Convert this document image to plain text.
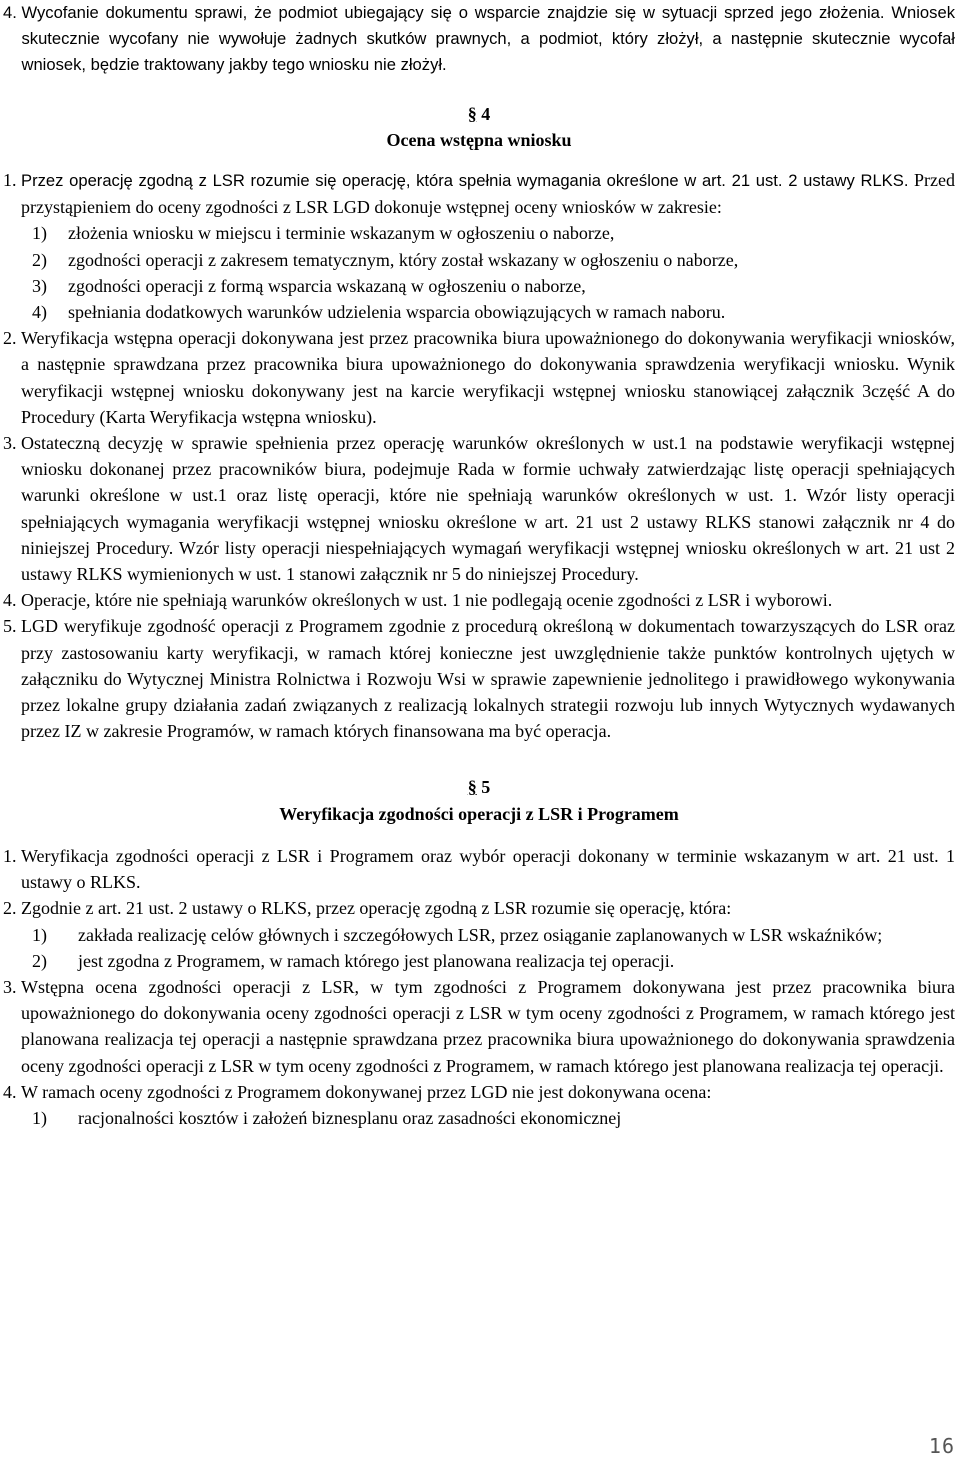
4.
Wycofanie dokumentu sprawi, że podmiot ubiegający się o wsparcie znajdzie się w sytuacji sprzed jego złożenia. Wniosek skutecznie wycofany nie wywołuje żadnych skutków prawnych, a podmiot, który złożył, a następnie skutecznie wycofał wniosek, będzie traktowany jakby tego wniosku nie złożył.
§ 4
Ocena wstępna wniosku
1.
Przez operację zgodną z LSR rozumie się operację, która spełnia wymagania określone w art. 21 ust. 2 ustawy RLKS. Przed przystąpieniem do oceny zgodności z LSR LGD dokonuje wstępnej oceny wniosków w zakresie:
1)	złożenia wniosku w miejscu i terminie wskazanym w ogłoszeniu o naborze,
2)	zgodności operacji z zakresem tematycznym, który został wskazany w ogłoszeniu o naborze,
3)	zgodności operacji z formą wsparcia wskazaną w ogłoszeniu o naborze,
4)	spełniania dodatkowych warunków udzielenia wsparcia obowiązujących w ramach naboru.
2.
Weryfikacja wstępna operacji dokonywana jest przez pracownika biura upoważnionego do dokonywania weryfikacji wniosków, a następnie sprawdzana przez pracownika biura upoważnionego do dokonywania sprawdzenia weryfikacji wniosku. Wynik weryfikacji wstępnej wniosku dokonywany jest na karcie weryfikacji wstępnej wniosku stanowiącej załącznik 3część A do Procedury (Karta Weryfikacja wstępna wniosku).
3.
Ostateczną decyzję w sprawie spełnienia przez operację warunków określonych w ust.1 na podstawie weryfikacji wstępnej wniosku dokonanej przez pracowników biura, podejmuje Rada w formie uchwały zatwierdzając listę operacji spełniających warunki określone w ust.1 oraz listę operacji, które nie spełniają warunków określonych w ust. 1. Wzór listy operacji spełniających wymagania weryfikacji wstępnej wniosku określone w art. 21 ust 2 ustawy RLKS stanowi załącznik nr 4 do niniejszej Procedury. Wzór listy operacji niespełniających wymagań weryfikacji wstępnej wniosku określonych w art. 21 ust 2 ustawy RLKS wymienionych w ust. 1 stanowi załącznik nr 5 do niniejszej Procedury.
4.
Operacje, które nie spełniają warunków określonych w ust. 1 nie podlegają ocenie zgodności z LSR i wyborowi.
5.
LGD weryfikuje zgodność operacji z Programem zgodnie z procedurą określoną w dokumentach towarzyszących do LSR oraz przy zastosowaniu karty weryfikacji, w ramach której konieczne jest uwzględnienie także punktów kontrolnych ujętych w załączniku do Wytycznej Ministra Rolnictwa i Rozwoju Wsi w sprawie zapewnienie jednolitego i prawidłowego wykonywania przez lokalne grupy działania zadań związanych z realizacją lokalnych strategii rozwoju lub innych Wytycznych wydawanych przez IZ w zakresie Programów, w ramach których finansowana ma być operacja.
§ 5
Weryfikacja zgodności operacji z LSR i Programem
1.
Weryfikacja zgodności operacji z LSR i Programem oraz wybór operacji dokonany w terminie wskazanym w art. 21 ust. 1 ustawy o RLKS.
2.
Zgodnie z art. 21 ust. 2 ustawy o RLKS, przez operację zgodną z LSR rozumie się operację, która:
1)	zakłada realizację celów głównych i szczegółowych LSR, przez osiąganie zaplanowanych w LSR wskaźników;
2)	jest zgodna z Programem, w ramach którego jest planowana realizacja tej operacji.
3.
Wstępna ocena zgodności operacji z LSR, w tym zgodności z Programem dokonywana jest przez pracownika biura upoważnionego do dokonywania oceny zgodności operacji z LSR w tym oceny zgodności z Programem, w ramach którego jest planowana realizacja tej operacji a następnie sprawdzana przez pracownika biura upoważnionego do dokonywania sprawdzenia oceny zgodności operacji z LSR w tym oceny zgodności z Programem, w ramach którego jest planowana realizacja tej operacji.
4.
W ramach oceny zgodności z Programem dokonywanej przez LGD nie jest dokonywana ocena:
1)	racjonalności kosztów i założeń biznesplanu oraz zasadności ekonomicznej
16
